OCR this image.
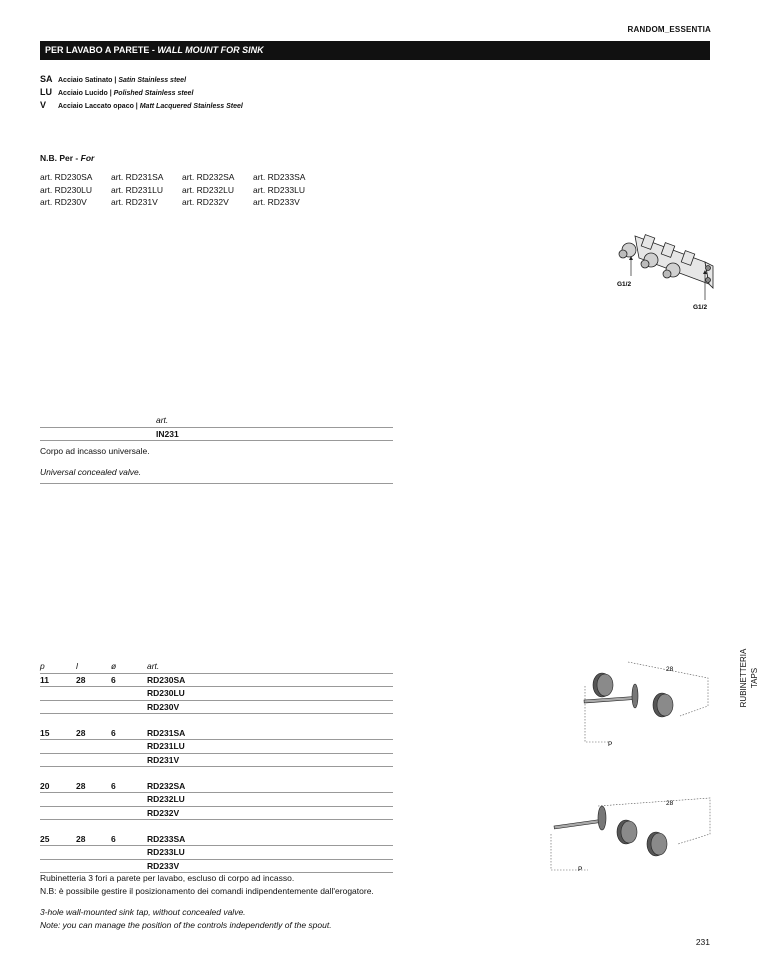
RANDOM_ESSENTIA
PER LAVABO A PARETE - WALL MOUNT FOR SINK
SA Acciaio Satinato | Satin Stainless steel
LU Acciaio Lucido | Polished Stainless steel
V Acciaio Laccato opaco | Matt Lacquered Stainless Steel
N.B. Per - For
art. RD230SA art. RD231SA art. RD232SA art. RD233SA
art. RD230LU art. RD231LU art. RD232LU art. RD233LU
art. RD230V	art. RD231V	art. RD232V	art. RD233V
G1/2
G1/2
art.
IN231
Corpo ad incasso universale.
Universal concealed valve.
p	l	ø	art.
11	28	6	RD230SA
RD230LU
RD230V
15	28	6	RD231SA
RD231LU
RD231V
20	28	6	RD232SA
RD232LU
RD232V
25	28	6	RD233SA
RD233LU
RD233V
Rubinetteria 3 fori a parete per lavabo, escluso di corpo ad incasso.
N.B: è possibile gestire il posizionamento dei comandi indipendentemente dall'erogatore.
3-hole wall-mounted sink tap, without concealed valve.
Note: you can manage the position of the controls independently of the spout.
28
P
28
P
RUBINETTERIA TAPS
231
